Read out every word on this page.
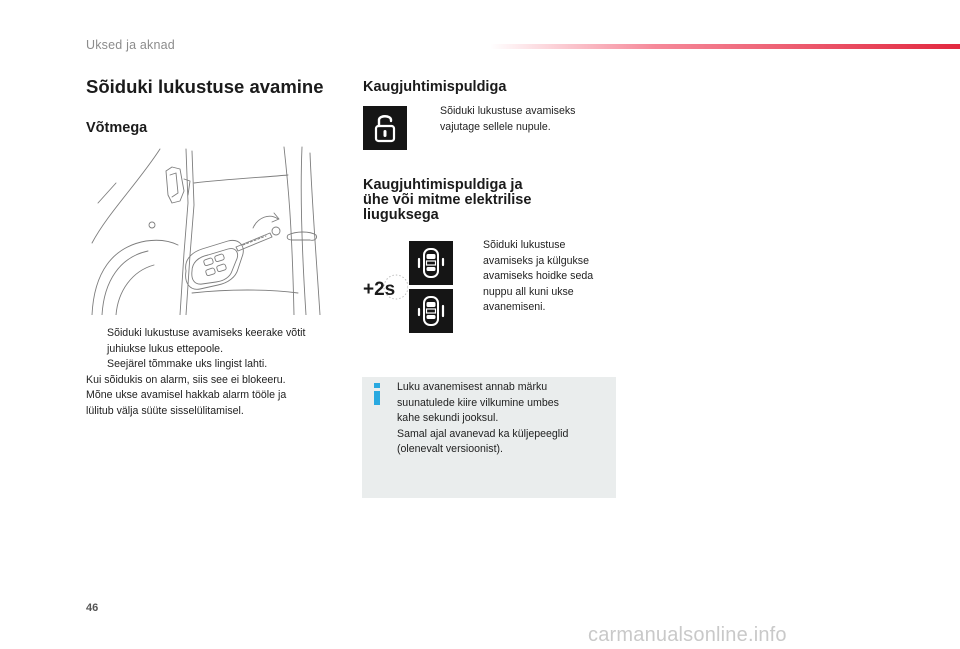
Uksed ja aknad
Sõiduki lukustuse avamine
Võtmega
Sõiduki lukustuse avamiseks keerake võtit
juhiukse lukus ettepoole.
Seejärel tõmmake uks lingist lahti.
Kui sõidukis on alarm, siis see ei blokeeru.
Mõne ukse avamisel hakkab alarm tööle ja
lülitub välja süüte sisselülitamisel.
Kaugjuhtimispuldiga
Sõiduki lukustuse avamiseks
vajutage sellele nupule.
Kaugjuhtimispuldiga ja
ühe või mitme elektrilise
liuguksega
+2s
Sõiduki lukustuse
avamiseks ja külgukse
avamiseks hoidke seda
nuppu all kuni ukse
avanemiseni.
Luku avanemisest annab märku
suunatulede kiire vilkumine umbes
kahe sekundi jooksul.
Samal ajal avanevad ka küljepeeglid
(olenevalt versioonist).
46
carmanualsonline.info
